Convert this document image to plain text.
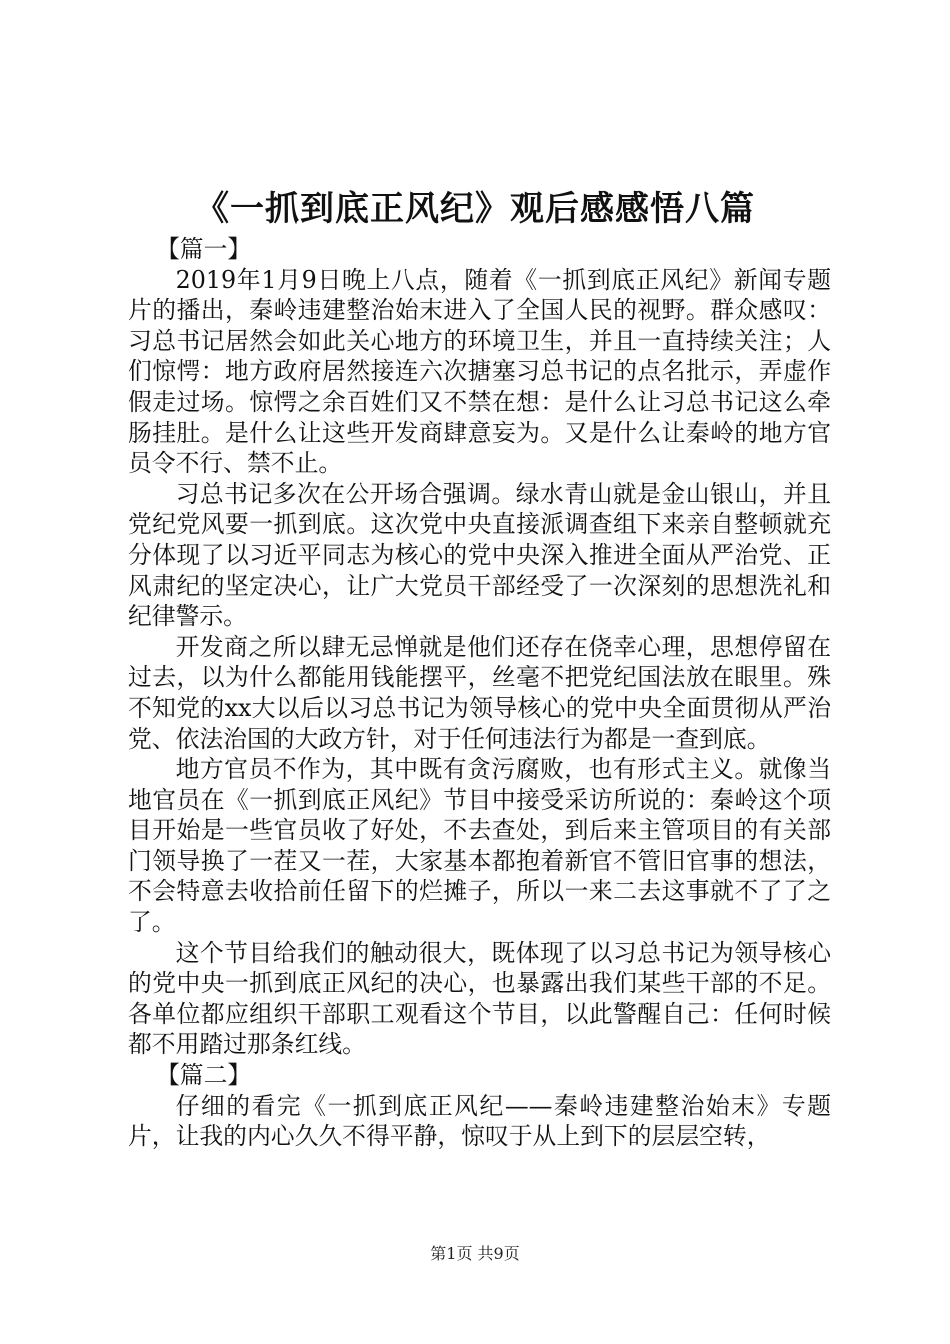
《一抓到底正风纪》观后感感悟八篇

【篇一】

2019年1月9日晚上八点，随着《一抓到底正风纪》新闻专题片的播出，秦岭违建整治始末进入了全国人民的视野。群众感叹：习总书记居然会如此关心地方的环境卫生，并且一直持续关注；人们惊愕：地方政府居然接连六次搪塞习总书记的点名批示，弄虚作假走过场。惊愕之余百姓们又不禁在想：是什么让习总书记这么牵肠挂肚。是什么让这些开发商肆意妄为。又是什么让秦岭的地方官员令不行、禁不止。

习总书记多次在公开场合强调。绿水青山就是金山银山，并且党纪党风要一抓到底。这次党中央直接派调查组下来亲自整顿就充分体现了以习近平同志为核心的党中央深入推进全面从严治党、正风肃纪的坚定决心，让广大党员干部经受了一次深刻的思想洗礼和纪律警示。

开发商之所以肆无忌惮就是他们还存在侥幸心理，思想停留在过去，以为什么都能用钱能摆平，丝毫不把党纪国法放在眼里。殊不知党的xx大以后以习总书记为领导核心的党中央全面贯彻从严治党、依法治国的大政方针，对于任何违法行为都是一查到底。

地方官员不作为，其中既有贪污腐败，也有形式主义。就像当地官员在《一抓到底正风纪》节目中接受采访所说的：秦岭这个项目开始是一些官员收了好处，不去查处，到后来主管项目的有关部门领导换了一茬又一茬，大家基本都抱着新官不管旧官事的想法，不会特意去收拾前任留下的烂摊子，所以一来二去这事就不了了之了。

这个节目给我们的触动很大，既体现了以习总书记为领导核心的党中央一抓到底正风纪的决心，也暴露出我们某些干部的不足。各单位都应组织干部职工观看这个节目，以此警醒自己：任何时候都不用踏过那条红线。

【篇二】

仔细的看完《一抓到底正风纪——秦岭违建整治始末》专题片，让我的内心久久不得平静，惊叹于从上到下的层层空转，

第1页 共9页
